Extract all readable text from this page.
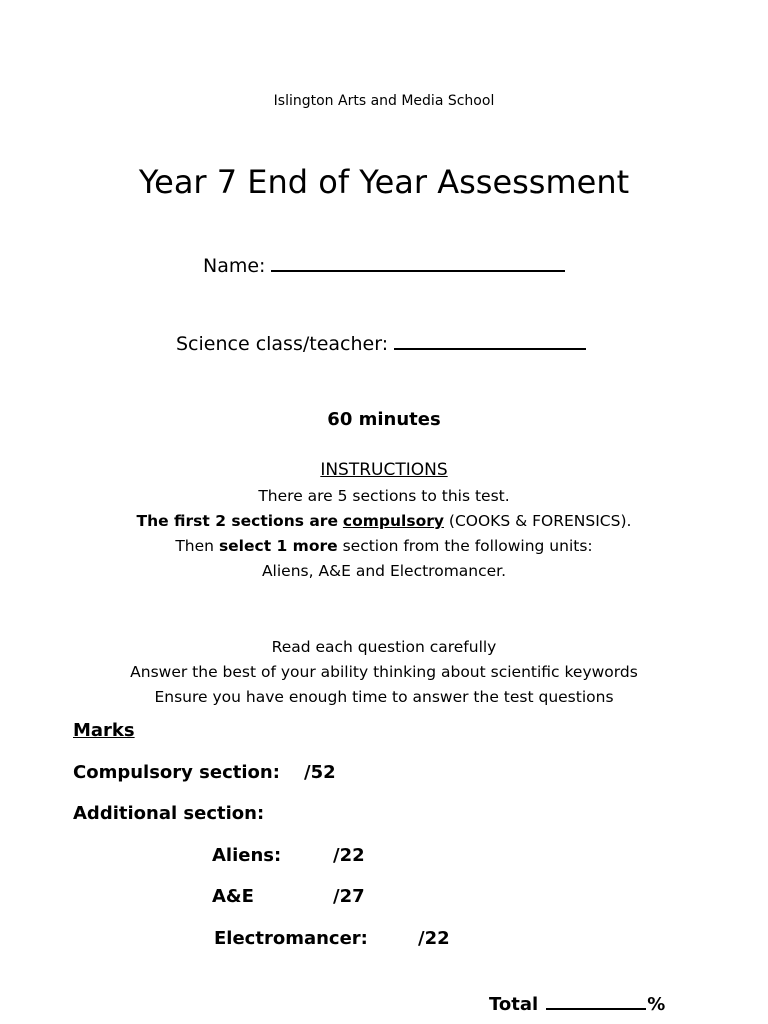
Islington Arts and Media School
Year 7 End of Year Assessment
Name:
Science class/teacher:
60 minutes
INSTRUCTIONS
There are 5 sections to this test.
The first 2 sections are compulsory (COOKS & FORENSICS).
Then select 1 more section from the following units:
Aliens, A&E and Electromancer.
Read each question carefully
Answer the best of your ability thinking about scientific keywords
Ensure you have enough time to answer the test questions
Marks
Compulsory section: /52
Additional section:
Aliens:	/22
A&E	/27
Electromancer:	/22
Total	%
